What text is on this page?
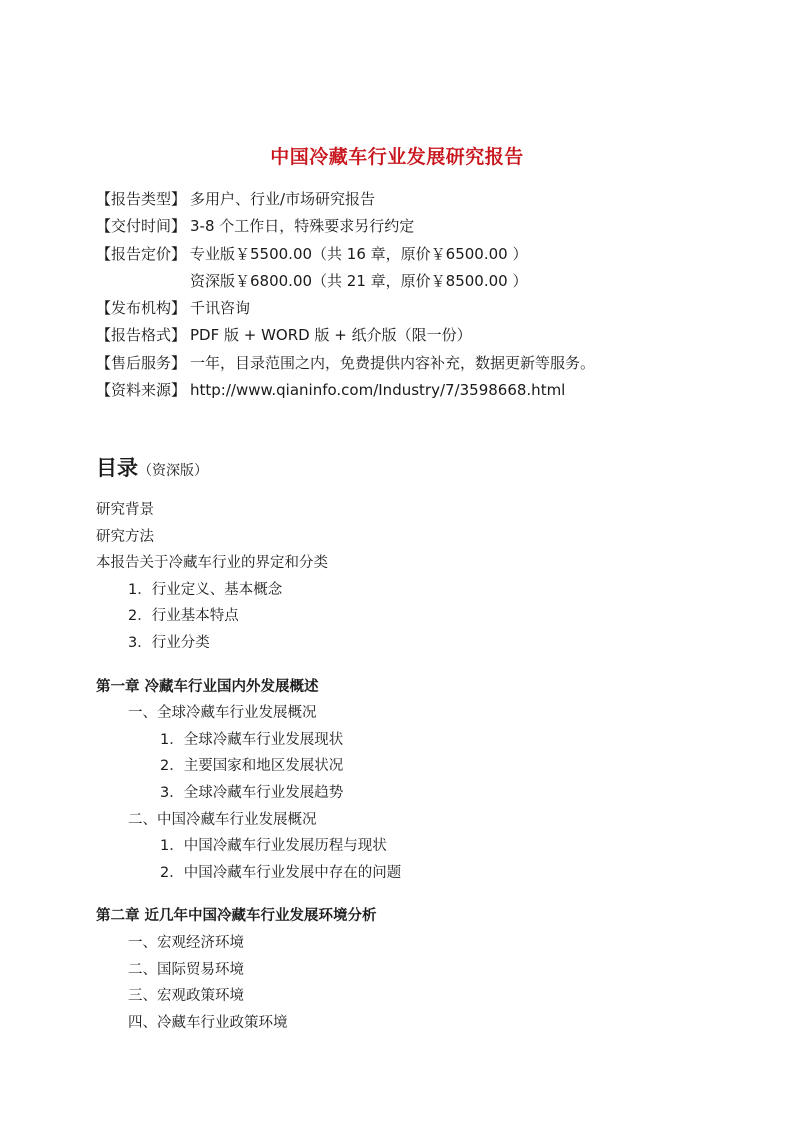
中国冷藏车行业发展研究报告
【报告类型】 多用户、行业/市场研究报告
【交付时间】 3-8 个工作日，特殊要求另行约定
【报告定价】 专业版￥5500.00（共 16 章，原价￥6500.00 ）
资深版￥6800.00（共 21 章，原价￥8500.00 ）
【发布机构】 千讯咨询
【报告格式】 PDF 版 + WORD 版 + 纸介版（限一份）
【售后服务】 一年，目录范围之内，免费提供内容补充，数据更新等服务。
【资料来源】 http://www.qianinfo.com/Industry/7/3598668.html
目录（资深版）
研究背景
研究方法
本报告关于冷藏车行业的界定和分类
1．行业定义、基本概念
2．行业基本特点
3．行业分类
第一章 冷藏车行业国内外发展概述
一、全球冷藏车行业发展概况
1．全球冷藏车行业发展现状
2．主要国家和地区发展状况
3．全球冷藏车行业发展趋势
二、中国冷藏车行业发展概况
1．中国冷藏车行业发展历程与现状
2．中国冷藏车行业发展中存在的问题
第二章 近几年中国冷藏车行业发展环境分析
一、宏观经济环境
二、国际贸易环境
三、宏观政策环境
四、冷藏车行业政策环境
